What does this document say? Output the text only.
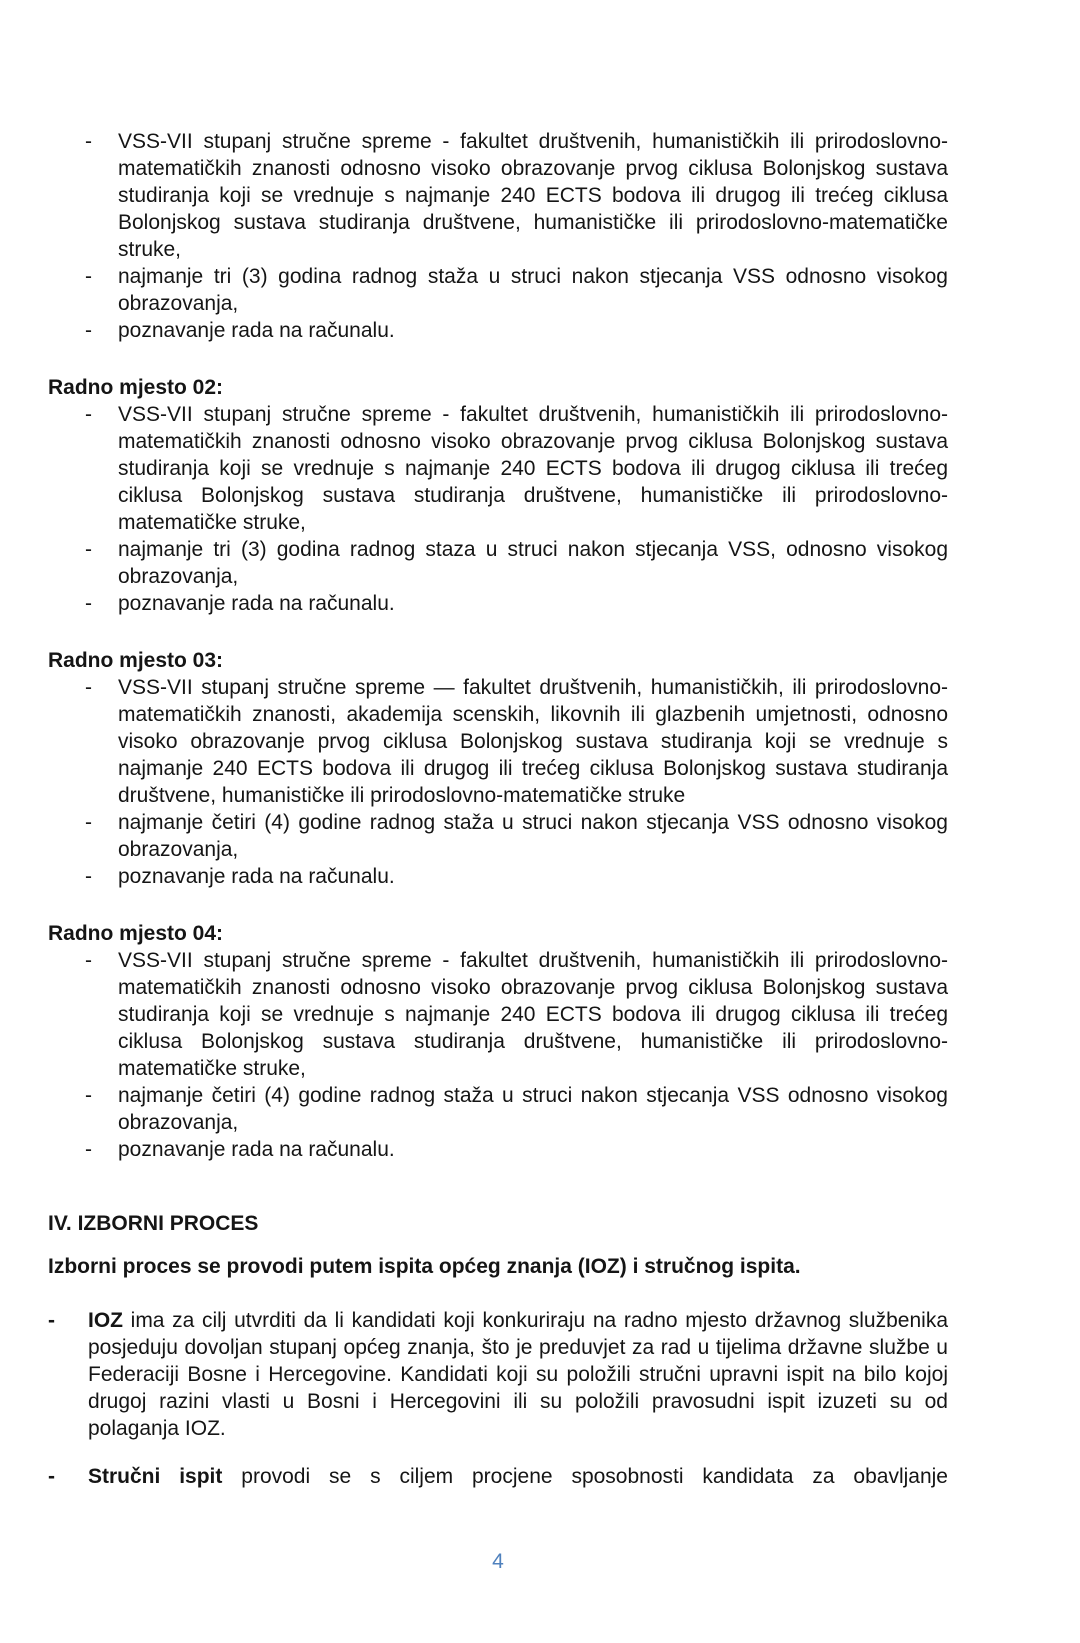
- VSS-VII stupanj stručne spreme - fakultet društvenih, humanističkih ili prirodoslovno-matematičkih znanosti odnosno visoko obrazovanje prvog ciklusa Bolonjskog sustava studiranja koji se vrednuje s najmanje 240 ECTS bodova ili drugog ili trećeg ciklusa Bolonjskog sustava studiranja društvene, humanističke ili prirodoslovno-matematičke struke,
- najmanje tri (3) godina radnog staža u struci nakon stjecanja VSS odnosno visokog obrazovanja,
- poznavanje rada na računalu.
Radno mjesto 02:
- VSS-VII stupanj stručne spreme - fakultet društvenih, humanističkih ili prirodoslovno-matematičkih znanosti odnosno visoko obrazovanje prvog ciklusa Bolonjskog sustava studiranja koji se vrednuje s najmanje 240 ECTS bodova ili drugog ciklusa ili trećeg ciklusa Bolonjskog sustava studiranja društvene, humanističke ili prirodoslovno-matematičke struke,
- najmanje tri (3) godina radnog staza u struci nakon stjecanja VSS, odnosno visokog obrazovanja,
- poznavanje rada na računalu.
Radno mjesto 03:
- VSS-VII stupanj stručne spreme — fakultet društvenih, humanističkih, ili prirodoslovno-matematičkih znanosti, akademija scenskih, likovnih ili glazbenih umjetnosti, odnosno visoko obrazovanje prvog ciklusa Bolonjskog sustava studiranja koji se vrednuje s najmanje 240 ECTS bodova ili drugog ili trećeg ciklusa Bolonjskog sustava studiranja društvene, humanističke ili prirodoslovno-matematičke struke
- najmanje četiri (4) godine radnog staža u struci nakon stjecanja VSS odnosno visokog obrazovanja,
- poznavanje rada na računalu.
Radno mjesto 04:
- VSS-VII stupanj stručne spreme - fakultet društvenih, humanističkih ili prirodoslovno-matematičkih znanosti odnosno visoko obrazovanje prvog ciklusa Bolonjskog sustava studiranja koji se vrednuje s najmanje 240 ECTS bodova ili drugog ciklusa ili trećeg ciklusa Bolonjskog sustava studiranja društvene, humanističke ili prirodoslovno-matematičke struke,
- najmanje četiri (4) godine radnog staža u struci nakon stjecanja VSS odnosno visokog obrazovanja,
- poznavanje rada na računalu.
IV. IZBORNI PROCES
Izborni proces se provodi putem ispita općeg znanja (IOZ) i stručnog ispita.
- IOZ ima za cilj utvrditi da li kandidati koji konkuriraju na radno mjesto državnog službenika posjeduju dovoljan stupanj općeg znanja, što je preduvjet za rad u tijelima državne službe u Federaciji Bosne i Hercegovine. Kandidati koji su položili stručni upravni ispit na bilo kojoj drugoj razini vlasti u Bosni i Hercegovini ili su položili pravosudni ispit izuzeti su od polaganja IOZ.
- Stručni ispit provodi se s ciljem procjene sposobnosti kandidata za obavljanje
4
